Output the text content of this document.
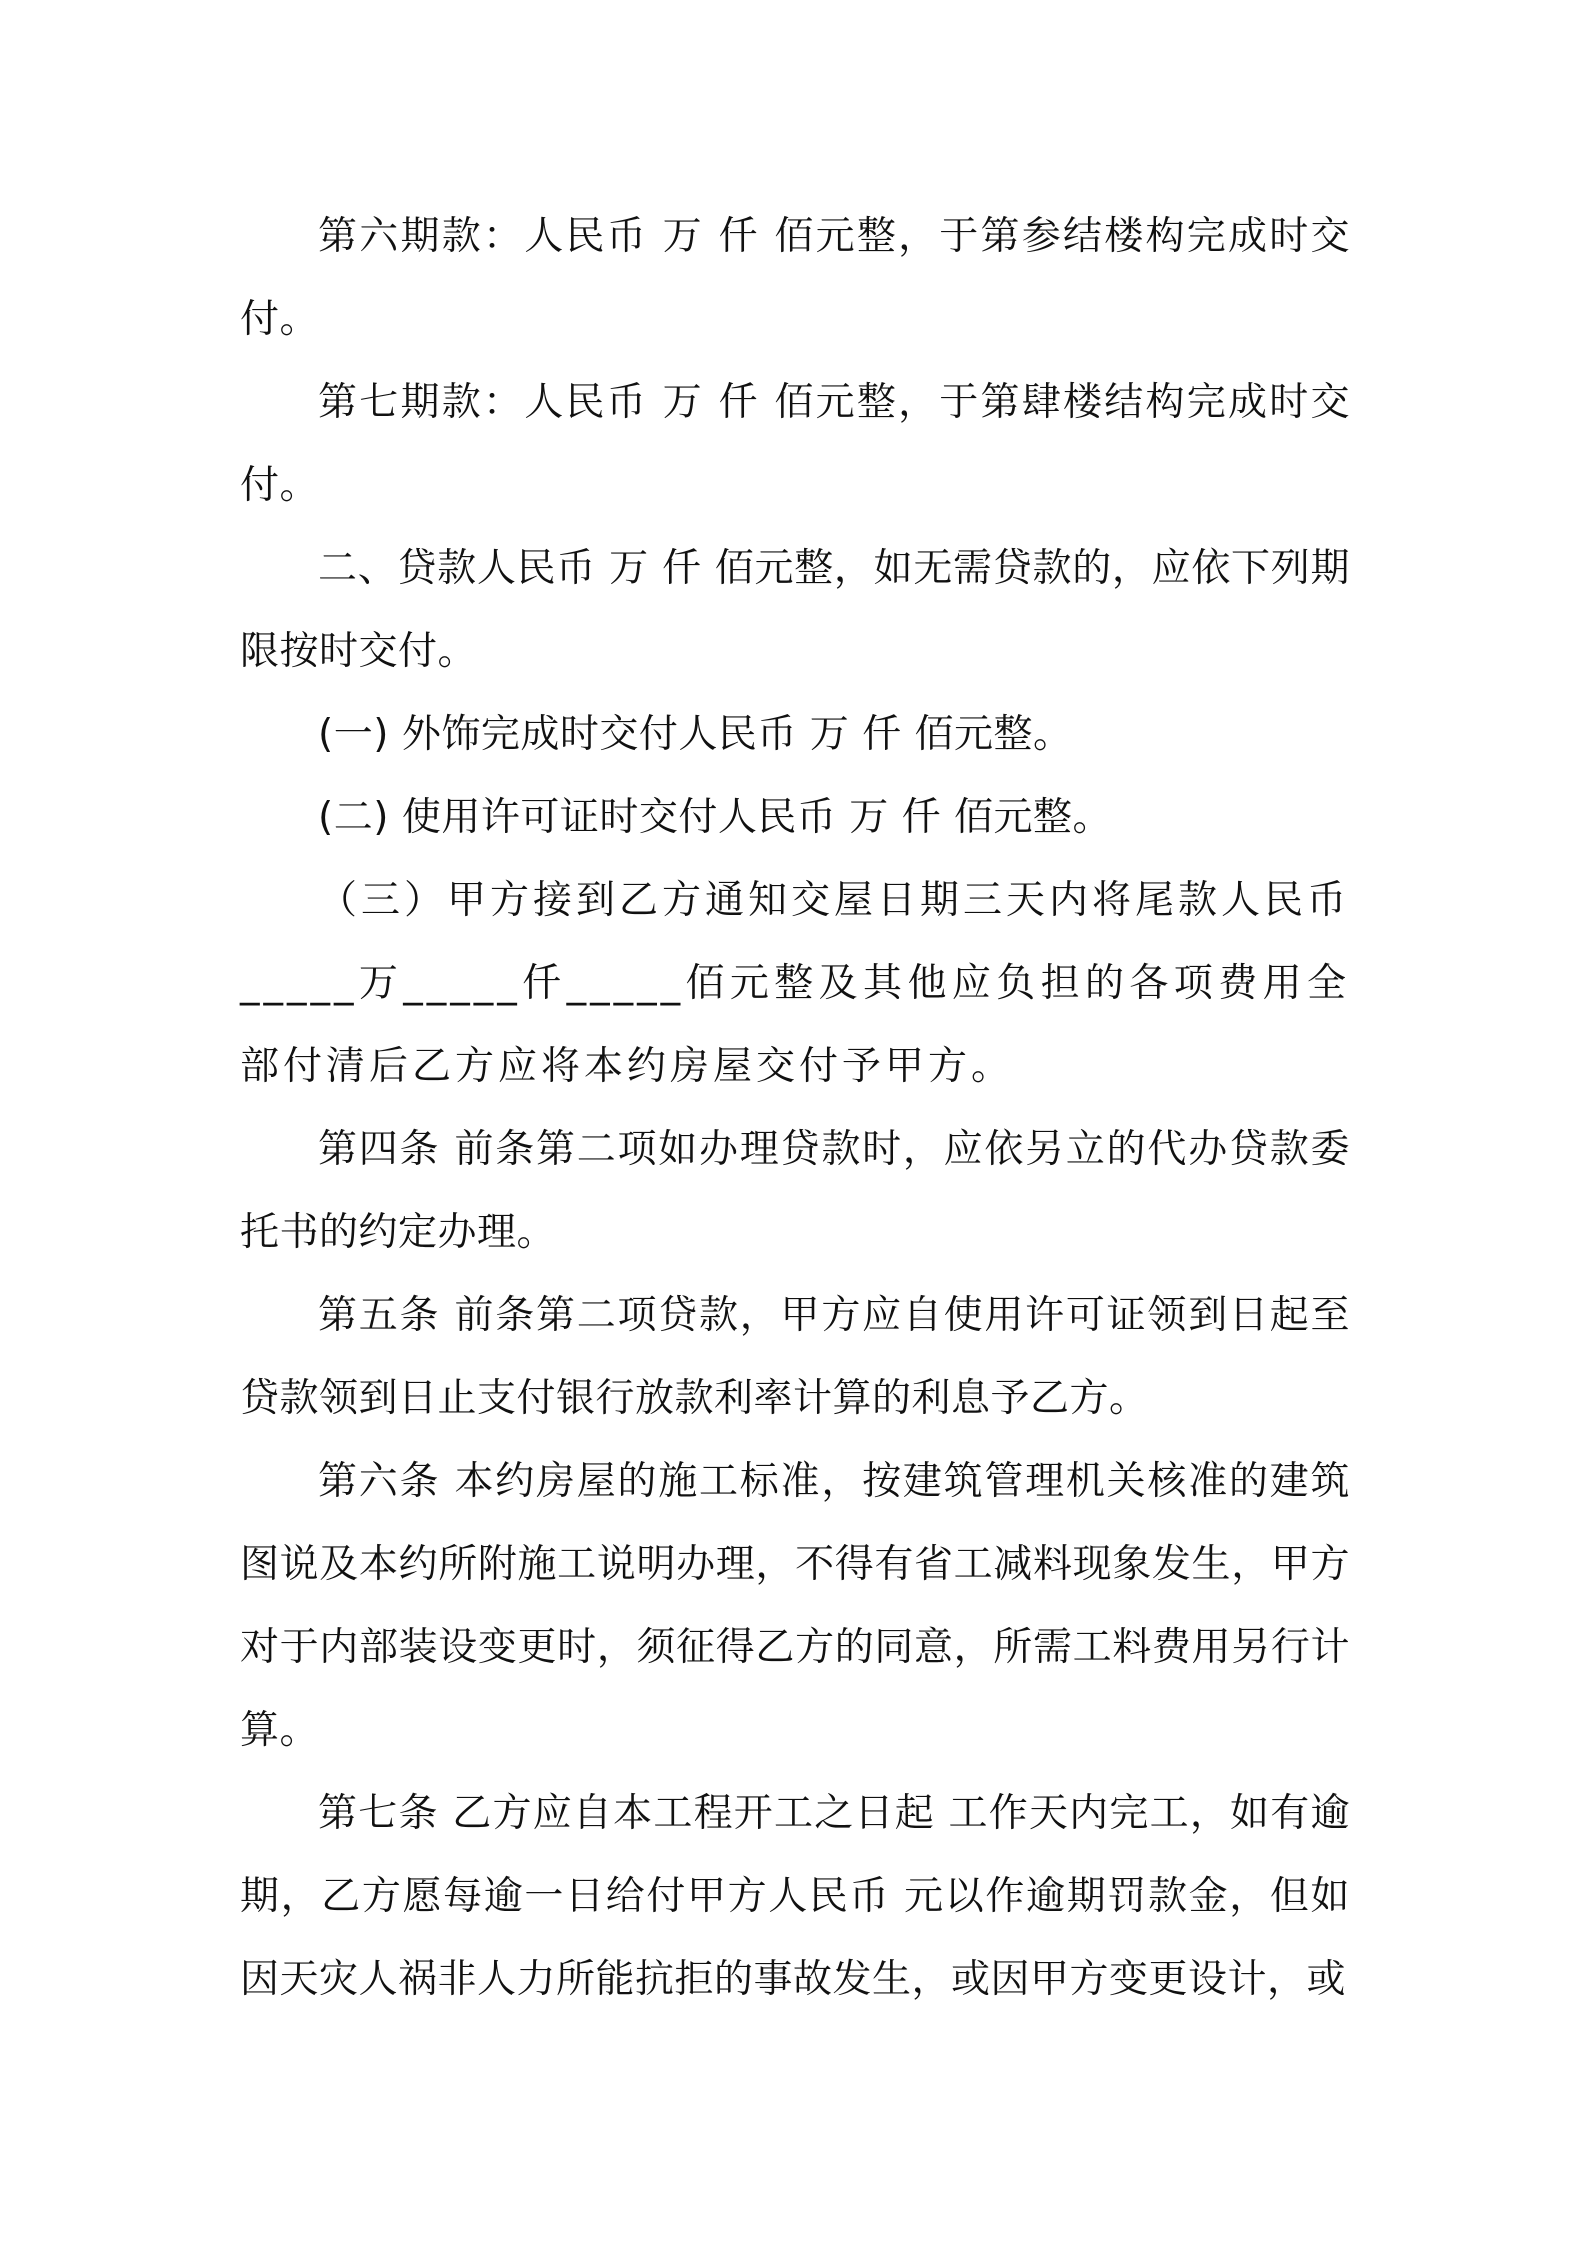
第六期款：人民币 万 仟 佰元整，于第参结楼构完成时交付。

第七期款：人民币 万 仟 佰元整，于第肆楼结构完成时交付。

二、贷款人民币 万 仟 佰元整，如无需贷款的，应依下列期限按时交付。

(一) 外饰完成时交付人民币 万 仟 佰元整。

(二) 使用许可证时交付人民币 万 仟 佰元整。

（三）甲方接到乙方通知交屋日期三天内将尾款人民币_____万_____仟_____佰元整及其他应负担的各项费用全部付清后乙方应将本约房屋交付予甲方。

第四条 前条第二项如办理贷款时，应依另立的代办贷款委托书的约定办理。

第五条 前条第二项贷款，甲方应自使用许可证领到日起至贷款领到日止支付银行放款利率计算的利息予乙方。

第六条 本约房屋的施工标准，按建筑管理机关核准的建筑图说及本约所附施工说明办理，不得有省工减料现象发生，甲方对于内部装设变更时，须征得乙方的同意，所需工料费用另行计算。

第七条 乙方应自本工程开工之日起 工作天内完工，如有逾期，乙方愿每逾一日给付甲方人民币 元以作逾期罚款金，但如因天灾人祸非人力所能抗拒的事故发生，或因甲方变更设计，或
